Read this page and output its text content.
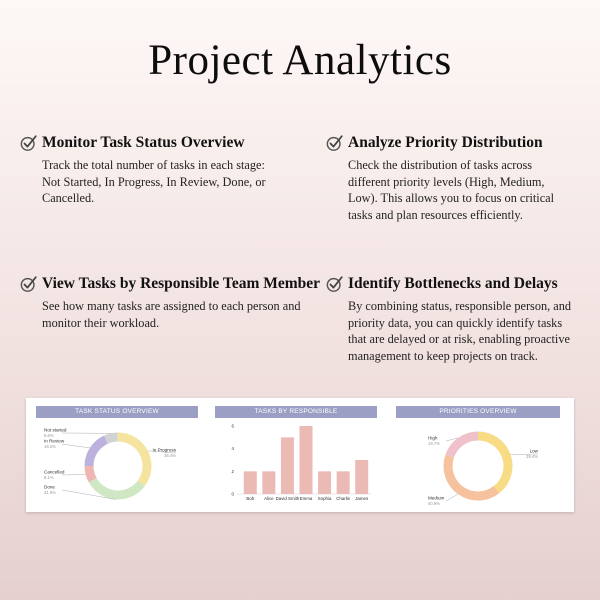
Project Analytics
Monitor Task Status Overview

Track the total number of tasks in each stage: Not Started, In Progress, In Review, Done, or Cancelled.

Analyze Priority Distribution

Check the distribution of tasks across different priority levels (High, Medium, Low). This allows you to focus on critical tasks and plan resources efficiently.

View Tasks by Responsible Team Member

See how many tasks are assigned to each person and monitor their workload.

Identify Bottlenecks and Delays

By combining status, responsible person, and priority data, you can quickly identify tasks that are delayed or at risk, enabling proactive management to keep projects on track.

TASK STATUS OVERVIEW
In Progress
35.4%
Done
31.6%
Cancelled
8.1%
In Review
18.2%
Not started
6.6%
TASKS BY RESPONSIBLE
0
2
4
6
Bob Alice David Smith Emma Sophia Charlie James
PRIORITIES OVERVIEW
Low
39.4%
Medium
40.9%
High
19.7%
